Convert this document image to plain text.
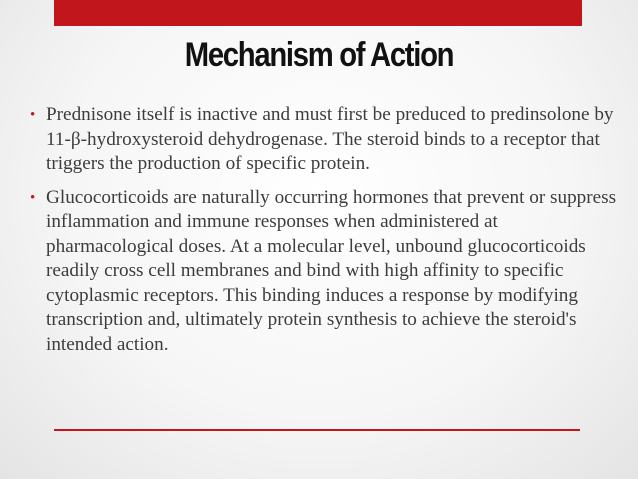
Mechanism of Action
• Prednisone itself is inactive and must first be preduced to predinsolone by 11-β-hydroxysteroid dehydrogenase. The steroid binds to a receptor that triggers the production of specific protein.
• Glucocorticoids are naturally occurring hormones that prevent or suppress inflammation and immune responses when administered at pharmacological doses. At a molecular level, unbound glucocorticoids readily cross cell membranes and bind with high affinity to specific cytoplasmic receptors. This binding induces a response by modifying transcription and, ultimately protein synthesis to achieve the steroid's intended action.
